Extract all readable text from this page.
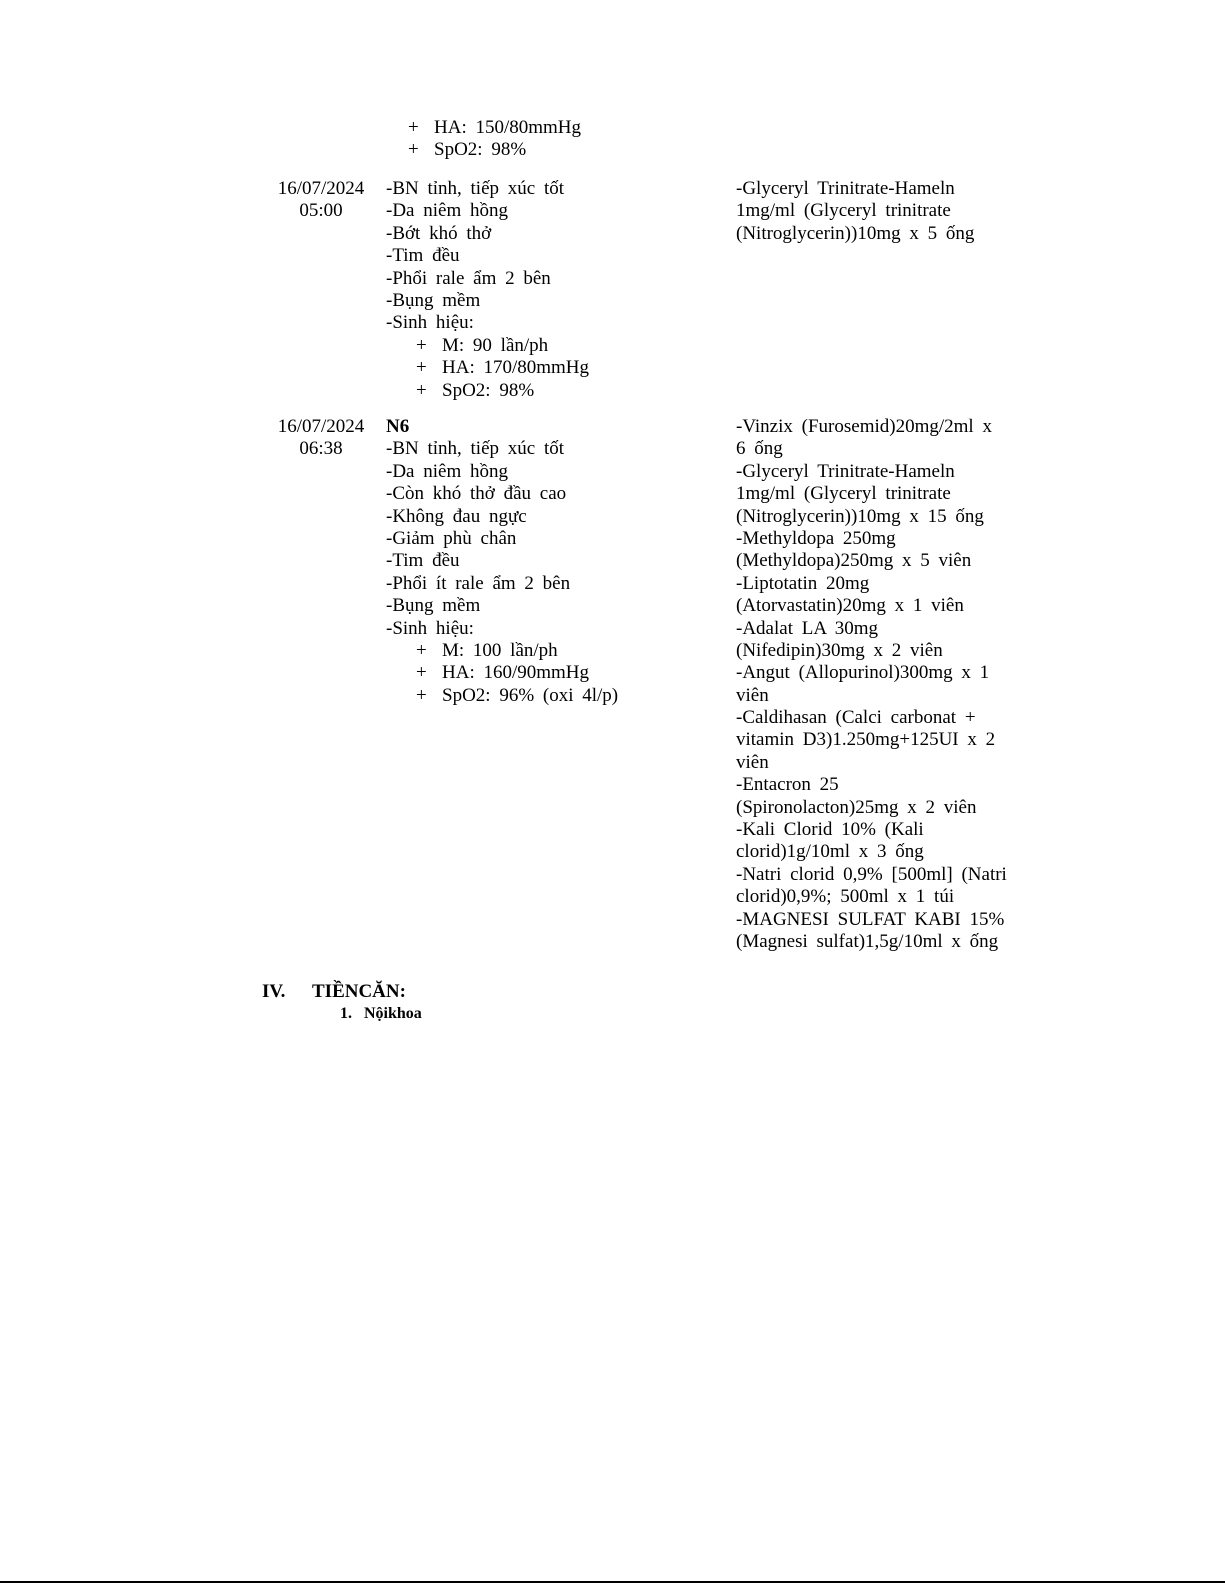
+ HA: 150/80mmHg
+ SpO2: 98%
16/07/2024
05:00
-BN tỉnh, tiếp xúc tốt
-Da niêm hồng
-Bớt khó thở
-Tim đều
-Phổi rale ẩm 2 bên
-Bụng mềm
-Sinh hiệu:
+ M: 90 lần/ph
+ HA: 170/80mmHg
+ SpO2: 98%
-Glyceryl Trinitrate-Hameln
1mg/ml (Glyceryl trinitrate
(Nitroglycerin))10mg x 5 ống
16/07/2024
06:38
N6
-BN tỉnh, tiếp xúc tốt
-Da niêm hồng
-Còn khó thở đầu cao
-Không đau ngực
-Giảm phù chân
-Tim đều
-Phổi ít rale ẩm 2 bên
-Bụng mềm
-Sinh hiệu:
+ M: 100 lần/ph
+ HA: 160/90mmHg
+ SpO2: 96% (oxi 4l/p)
-Vinzix (Furosemid)20mg/2ml x
6 ống
-Glyceryl Trinitrate-Hameln
1mg/ml (Glyceryl trinitrate
(Nitroglycerin))10mg x 15 ống
-Methyldopa 250mg
(Methyldopa)250mg x 5 viên
-Liptotatin 20mg
(Atorvastatin)20mg x 1 viên
-Adalat LA 30mg
(Nifedipin)30mg x 2 viên
-Angut (Allopurinol)300mg x 1
viên
-Caldihasan (Calci carbonat +
vitamin D3)1.250mg+125UI x 2
viên
-Entacron 25
(Spironolacton)25mg x 2 viên
-Kali Clorid 10% (Kali
clorid)1g/10ml x 3 ống
-Natri clorid 0,9% [500ml] (Natri
clorid)0,9%; 500ml x 1 túi
-MAGNESI SULFAT KABI 15%
(Magnesi sulfat)1,5g/10ml x ống
IV. TIỀNCĂN:
1. Nộikhoa
